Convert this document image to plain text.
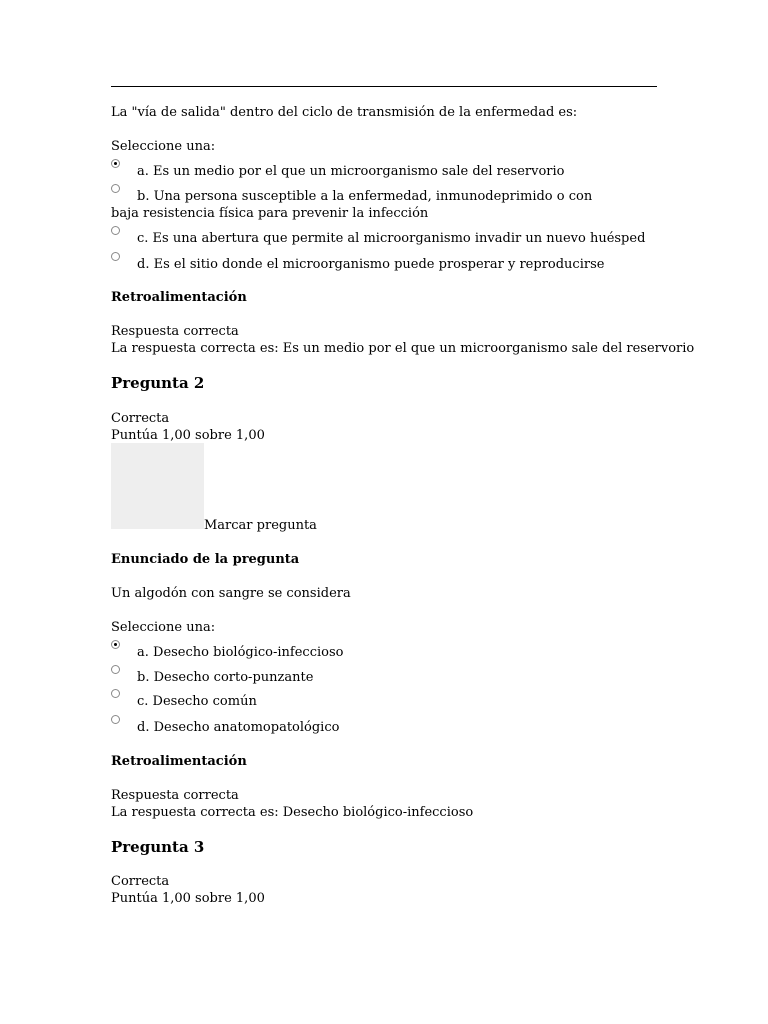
La "vía de salida" dentro del ciclo de transmisión de la enfermedad es:
Seleccione una:
a. Es un medio por el que un microorganismo sale del reservorio
b. Una persona susceptible a la enfermedad, inmunodeprimido o con baja resistencia física para prevenir la infección
c. Es una abertura que permite al microorganismo invadir un nuevo huésped
d. Es el sitio donde el microorganismo puede prosperar y reproducirse
Retroalimentación
Respuesta correcta
La respuesta correcta es: Es un medio por el que un microorganismo sale del reservorio
Pregunta 2
Correcta
Puntúa 1,00 sobre 1,00
Marcar pregunta
Enunciado de la pregunta
Un algodón con sangre se considera
Seleccione una:
a. Desecho biológico-infeccioso
b. Desecho corto-punzante
c. Desecho común
d. Desecho anatomopatológico
Retroalimentación
Respuesta correcta
La respuesta correcta es: Desecho biológico-infeccioso
Pregunta 3
Correcta
Puntúa 1,00 sobre 1,00
